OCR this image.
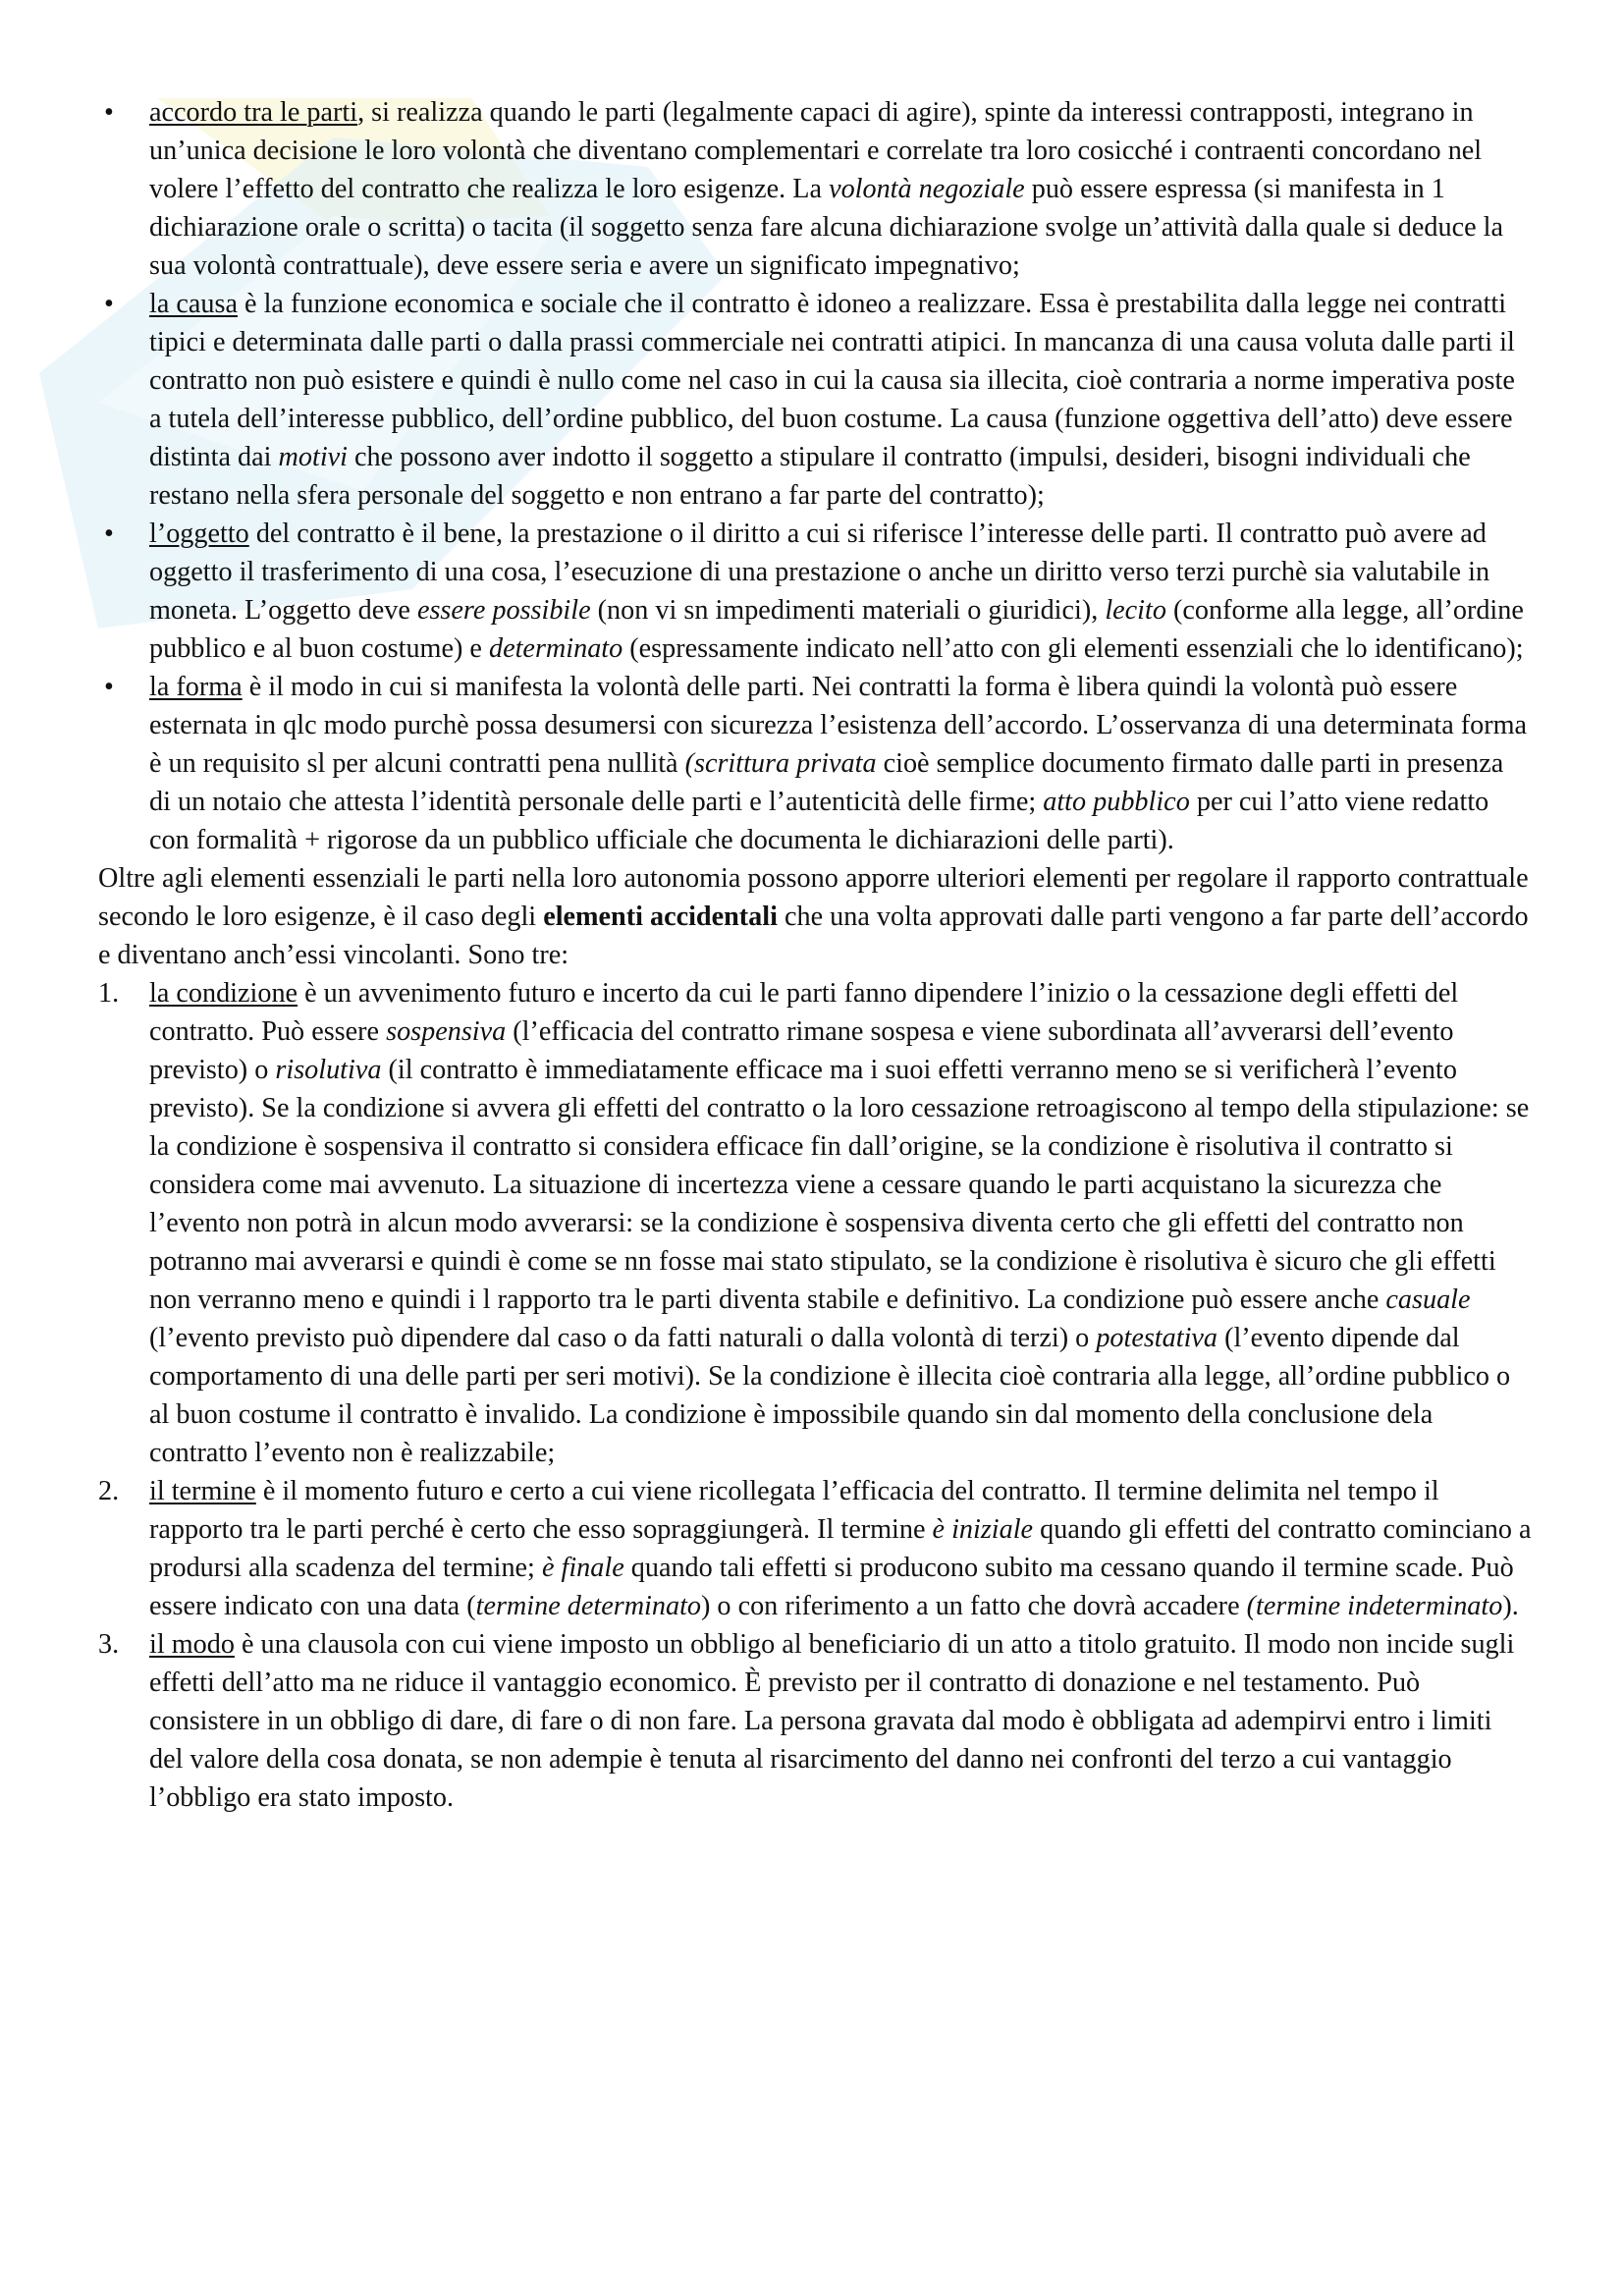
•	accordo tra le parti, si realizza quando le parti (legalmente capaci di agire), spinte da interessi contrapposti, integrano in un’unica decisione le loro volontà che diventano complementari e correlate tra loro cosicché i contraenti concordano nel volere l’effetto del contratto che realizza le loro esigenze. La volontà negoziale può essere espressa (si manifesta in 1 dichiarazione orale o scritta) o tacita (il soggetto senza fare alcuna dichiarazione svolge un’attività dalla quale si deduce la sua volontà contrattuale), deve essere seria e avere un significato impegnativo;
•	la causa è la funzione economica e sociale che il contratto è idoneo a realizzare. Essa è prestabilita dalla legge nei contratti tipici e determinata dalle parti o dalla prassi commerciale nei contratti atipici. In mancanza di una causa voluta dalle parti il contratto non può esistere e quindi è nullo come nel caso in cui la causa sia illecita, cioè contraria a norme imperativa poste a tutela dell’interesse pubblico, dell’ordine pubblico, del buon costume. La causa (funzione oggettiva dell’atto) deve essere distinta dai motivi che possono aver indotto il soggetto a stipulare il contratto (impulsi, desideri, bisogni individuali che restano nella sfera personale del soggetto e non entrano a far parte del contratto);
•	l’oggetto del contratto è il bene, la prestazione o il diritto a cui si riferisce l’interesse delle parti. Il contratto può avere ad oggetto il trasferimento di una cosa, l’esecuzione di una prestazione o anche un diritto verso terzi purchè sia valutabile in moneta. L’oggetto deve essere possibile (non vi sn impedimenti materiali o giuridici), lecito (conforme alla legge, all’ordine pubblico e al buon costume) e determinato (espressamente indicato nell’atto con gli elementi essenziali che lo identificano);
•	la forma è il modo in cui si manifesta la volontà delle parti. Nei contratti la forma è libera quindi la volontà può essere esternata in qlc modo purchè possa desumersi con sicurezza l’esistenza dell’accordo. L’osservanza di una determinata forma è un requisito sl per alcuni contratti pena nullità (scrittura privata cioè semplice documento firmato dalle parti in presenza di un notaio che attesta l’identità personale delle parti e l’autenticità delle firme; atto pubblico per cui l’atto viene redatto con formalità + rigorose da un pubblico ufficiale che documenta le dichiarazioni delle parti).

Oltre agli elementi essenziali le parti nella loro autonomia possono apporre ulteriori elementi per regolare il rapporto contrattuale secondo le loro esigenze, è il caso degli elementi accidentali che una volta approvati dalle parti vengono a far parte dell’accordo e diventano anch’essi vincolanti. Sono tre:

1.	la condizione è un avvenimento futuro e incerto da cui le parti fanno dipendere l’inizio o la cessazione degli effetti del contratto. Può essere sospensiva (l’efficacia del contratto rimane sospesa e viene subordinata all’avverarsi dell’evento previsto) o risolutiva (il contratto è immediatamente efficace ma i suoi effetti verranno meno se si verificherà l’evento previsto). Se la condizione si avvera gli effetti del contratto o la loro cessazione retroagiscono al tempo della stipulazione: se la condizione è sospensiva il contratto si considera efficace fin dall’origine, se la condizione è risolutiva il contratto si considera come mai avvenuto. La situazione di incertezza viene a cessare quando le parti acquistano la sicurezza che l’evento non potrà in alcun modo avverarsi: se la condizione è sospensiva diventa certo che gli effetti del contratto non potranno mai avverarsi e quindi è come se nn fosse mai stato stipulato, se la condizione è risolutiva è sicuro che gli effetti non verranno meno e quindi i l rapporto tra le parti diventa stabile e definitivo. La condizione può essere anche casuale (l’evento previsto può dipendere dal caso o da fatti naturali o dalla volontà di terzi) o potestativa (l’evento dipende dal comportamento di una delle parti per seri motivi). Se la condizione è illecita cioè contraria alla legge, all’ordine pubblico o al buon costume il contratto è invalido. La condizione è impossibile quando sin dal momento della conclusione dela contratto l’evento non è realizzabile;
2.	il termine è il momento futuro e certo a cui viene ricollegata l’efficacia del contratto. Il termine delimita nel tempo il rapporto tra le parti perché è certo che esso sopraggiungerà. Il termine è iniziale quando gli effetti del contratto cominciano a prodursi alla scadenza del termine; è finale quando tali effetti si producono subito ma cessano quando il termine scade. Può essere indicato con una data (termine determinato) o con riferimento a un fatto che dovrà accadere (termine indeterminato).
3.	il modo è una clausola con cui viene imposto un obbligo al beneficiario di un atto a titolo gratuito. Il modo non incide sugli effetti dell’atto ma ne riduce il vantaggio economico. È previsto per il contratto di donazione e nel testamento. Può consistere in un obbligo di dare, di fare o di non fare. La persona gravata dal modo è obbligata ad adempirvi entro i limiti del valore della cosa donata, se non adempie è tenuta al risarcimento del danno nei confronti del terzo a cui vantaggio l’obbligo era stato imposto.
